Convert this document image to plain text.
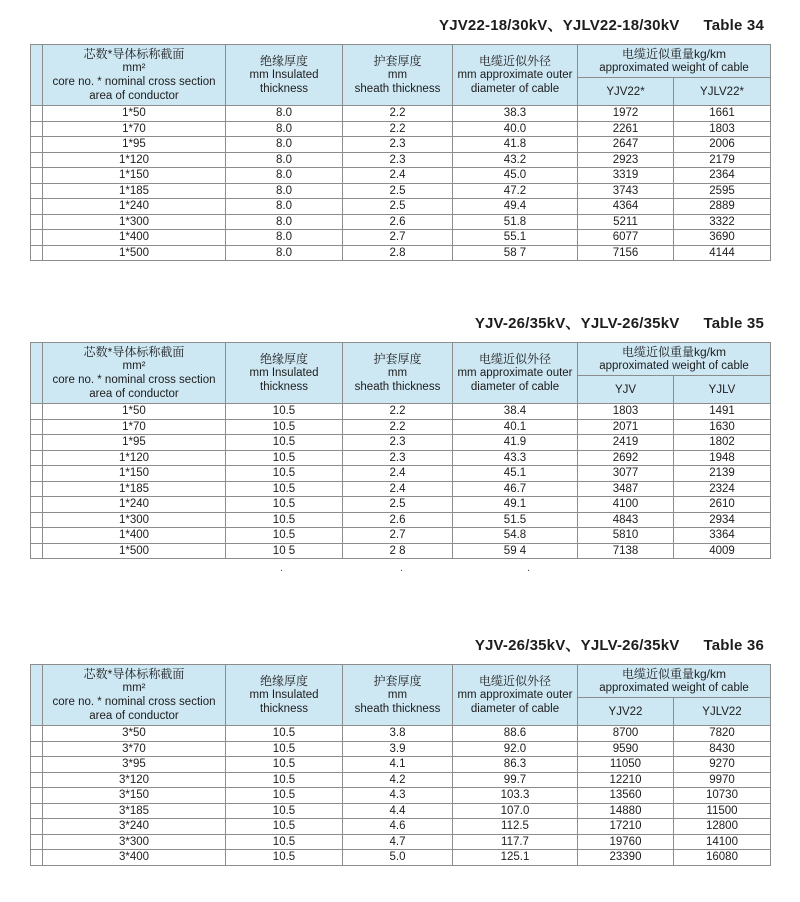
YJV22-18/30kV、YJLV22-18/30kV Table 34

芯数*导体标称截面
mm²
core no. * nominal cross section
area of conductor

绝缘厚度
mm Insulated
thickness

护套厚度
mm
sheath thickness

电缆近似外径
mm approximate outer
diameter of cable

电缆近似重量kg/km
approximated weight of cable

					YJV22*	YJLV22*
	1*50	8.0	2.2	38.3	1972	1661
	1*70	8.0	2.2	40.0	2261	1803
	1*95	8.0	2.3	41.8	2647	2006
	1*120	8.0	2.3	43.2	2923	2179
	1*150	8.0	2.4	45.0	3319	2364
	1*185	8.0	2.5	47.2	3743	2595
	1*240	8.0	2.5	49.4	4364	2889
	1*300	8.0	2.6	51.8	5211	3322
	1*400	8.0	2.7	55.1	6077	3690
	1*500	8.0	2.8	58 7	7156	4144
YJV-26/35kV、YJLV-26/35kV Table 35

芯数*导体标称截面
mm²
core no. * nominal cross section
area of conductor

绝缘厚度
mm Insulated
thickness

护套厚度
mm
sheath thickness

电缆近似外径
mm approximate outer
diameter of cable

电缆近似重量kg/km
approximated weight of cable

					YJV	YJLV
	1*50	10.5	2.2	38.4	1803	1491
	1*70	10.5	2.2	40.1	2071	1630
	1*95	10.5	2.3	41.9	2419	1802
	1*120	10.5	2.3	43.3	2692	1948
	1*150	10.5	2.4	45.1	3077	2139
	1*185	10.5	2.4	46.7	3487	2324
	1*240	10.5	2.5	49.1	4100	2610
	1*300	10.5	2.6	51.5	4843	2934
	1*400	10.5	2.7	54.8	5810	3364
	1*500	10 5	2 8	59 4	7138	4009
.	.	.
YJV-26/35kV、YJLV-26/35kV Table 36

芯数*导体标称截面
mm²
core no. * nominal cross section
area of conductor

绝缘厚度
mm Insulated
thickness

护套厚度
mm
sheath thickness

电缆近似外径
mm approximate outer
diameter of cable

电缆近似重量kg/km
approximated weight of cable

					YJV22	YJLV22
	3*50	10.5	3.8	88.6	8700	7820
	3*70	10.5	3.9	92.0	9590	8430
	3*95	10.5	4.1	86.3	11050	9270
	3*120	10.5	4.2	99.7	12210	9970
	3*150	10.5	4.3	103.3	13560	10730
	3*185	10.5	4.4	107.0	14880	11500
	3*240	10.5	4.6	112.5	17210	12800
	3*300	10.5	4.7	117.7	19760	14100
	3*400	10.5	5.0	125.1	23390	16080
